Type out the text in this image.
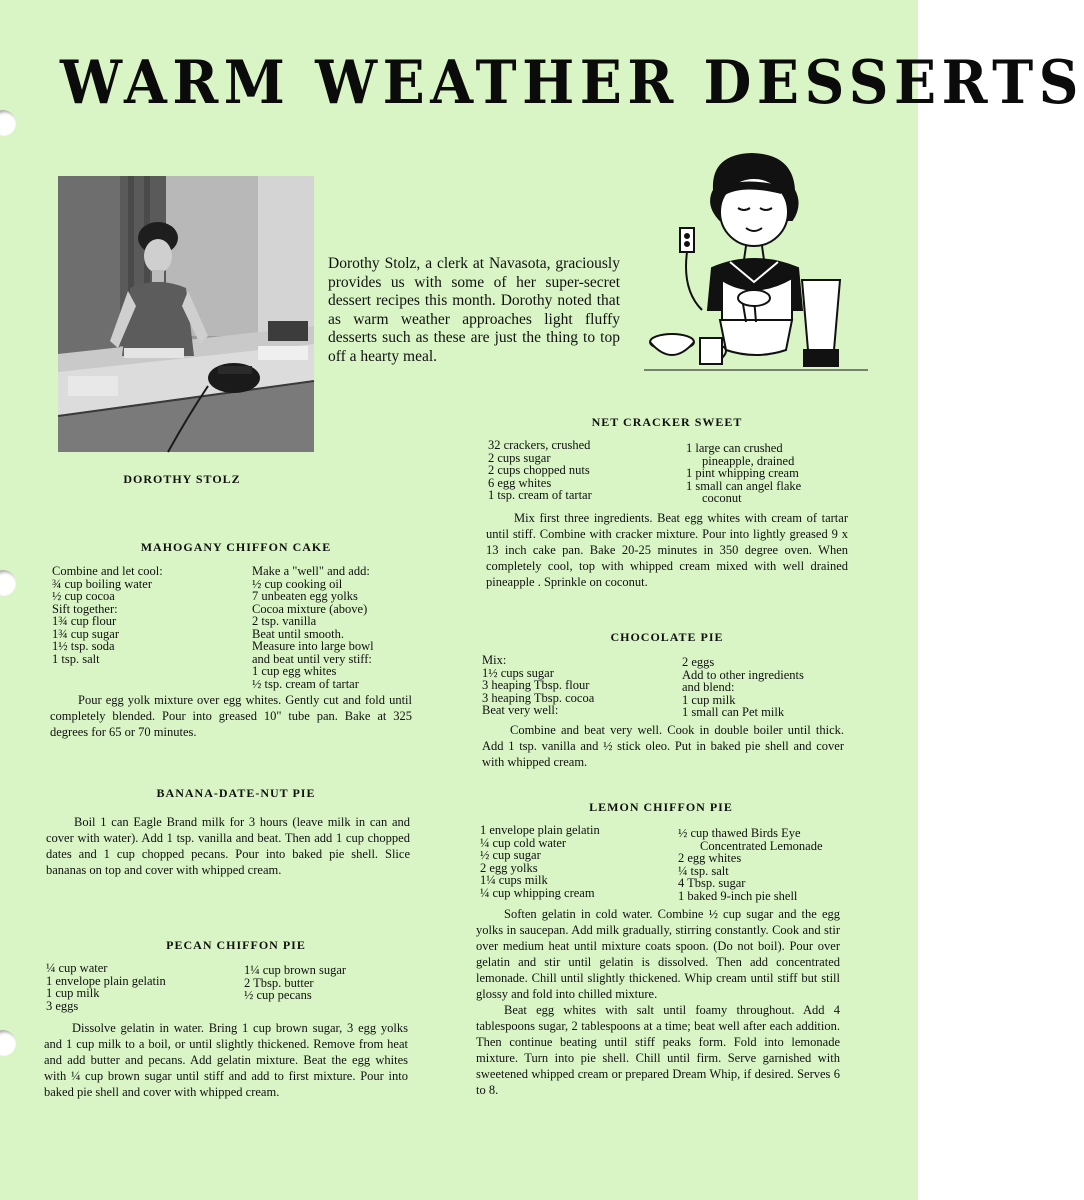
WARM WEATHER DESSERTS
DOROTHY STOLZ
Dorothy Stolz, a clerk at Navasota, graciously provides us with some of her super-secret dessert recipes this month. Dorothy noted that as warm weather approaches light fluffy desserts such as these are just the thing to top off a hearty meal.
MAHOGANY CHIFFON CAKE
Combine and let cool:
¾ cup boiling water
½ cup cocoa
Sift together:
1¾ cup flour
1¾ cup sugar
1½ tsp. soda
1 tsp. salt
Make a "well" and add:
½ cup cooking oil
7 unbeaten egg yolks
Cocoa mixture (above)
2 tsp. vanilla
Beat until smooth.
Measure into large bowl
and beat until very stiff:
1 cup egg whites
½ tsp. cream of tartar

Pour egg yolk mixture over egg whites. Gently cut and fold until completely blended. Pour into greased 10" tube pan. Bake at 325 degrees for 65 or 70 minutes.

BANANA-DATE-NUT PIE

Boil 1 can Eagle Brand milk for 3 hours (leave milk in can and cover with water). Add 1 tsp. vanilla and beat. Then add 1 cup chopped dates and 1 cup chopped pecans. Pour into baked pie shell. Slice bananas on top and cover with whipped cream.

PECAN CHIFFON PIE
¼ cup water
1 envelope plain gelatin
1 cup milk
3 eggs
1¼ cup brown sugar
2 Tbsp. butter
½ cup pecans

Dissolve gelatin in water. Bring 1 cup brown sugar, 3 egg yolks and 1 cup milk to a boil, or until slightly thickened. Remove from heat and add butter and pecans. Add gelatin mixture. Beat the egg whites with ¼ cup brown sugar until stiff and add to first mixture. Pour into baked pie shell and cover with whipped cream.

NET CRACKER SWEET
32 crackers, crushed
2 cups sugar
2 cups chopped nuts
6 egg whites
1 tsp. cream of tartar
1 large can crushed
pineapple, drained
1 pint whipping cream
1 small can angel flake
coconut

Mix first three ingredients. Beat egg whites with cream of tartar until stiff. Combine with cracker mixture. Pour into lightly greased 9 x 13 inch cake pan. Bake 20-25 minutes in 350 degree oven. When completely cool, top with whipped cream mixed with well drained pineapple . Sprinkle on coconut.

CHOCOLATE PIE
Mix:
1½ cups sugar
3 heaping Tbsp. flour
3 heaping Tbsp. cocoa
Beat very well:
2 eggs
Add to other ingredients
and blend:
1 cup milk
1 small can Pet milk

Combine and beat very well. Cook in double boiler until thick. Add 1 tsp. vanilla and ½ stick oleo. Put in baked pie shell and cover with whipped cream.

LEMON CHIFFON PIE
1 envelope plain gelatin
¼ cup cold water
½ cup sugar
2 egg yolks
1¼ cups milk
¼ cup whipping cream
½ cup thawed Birds Eye
Concentrated Lemonade
2 egg whites
¼ tsp. salt
4 Tbsp. sugar
1 baked 9-inch pie shell

Soften gelatin in cold water. Combine ½ cup sugar and the egg yolks in saucepan. Add milk gradually, stirring constantly. Cook and stir over medium heat until mixture coats spoon. (Do not boil). Pour over gelatin and stir until gelatin is dissolved. Then add concentrated lemonade. Chill until slightly thickened. Whip cream until stiff but still glossy and fold into chilled mixture.

Beat egg whites with salt until foamy throughout. Add 4 tablespoons sugar, 2 tablespoons at a time; beat well after each addition. Then continue beating until stiff peaks form. Fold into lemonade mixture. Turn into pie shell. Chill until firm. Serve garnished with sweetened whipped cream or prepared Dream Whip, if desired. Serves 6 to 8.
